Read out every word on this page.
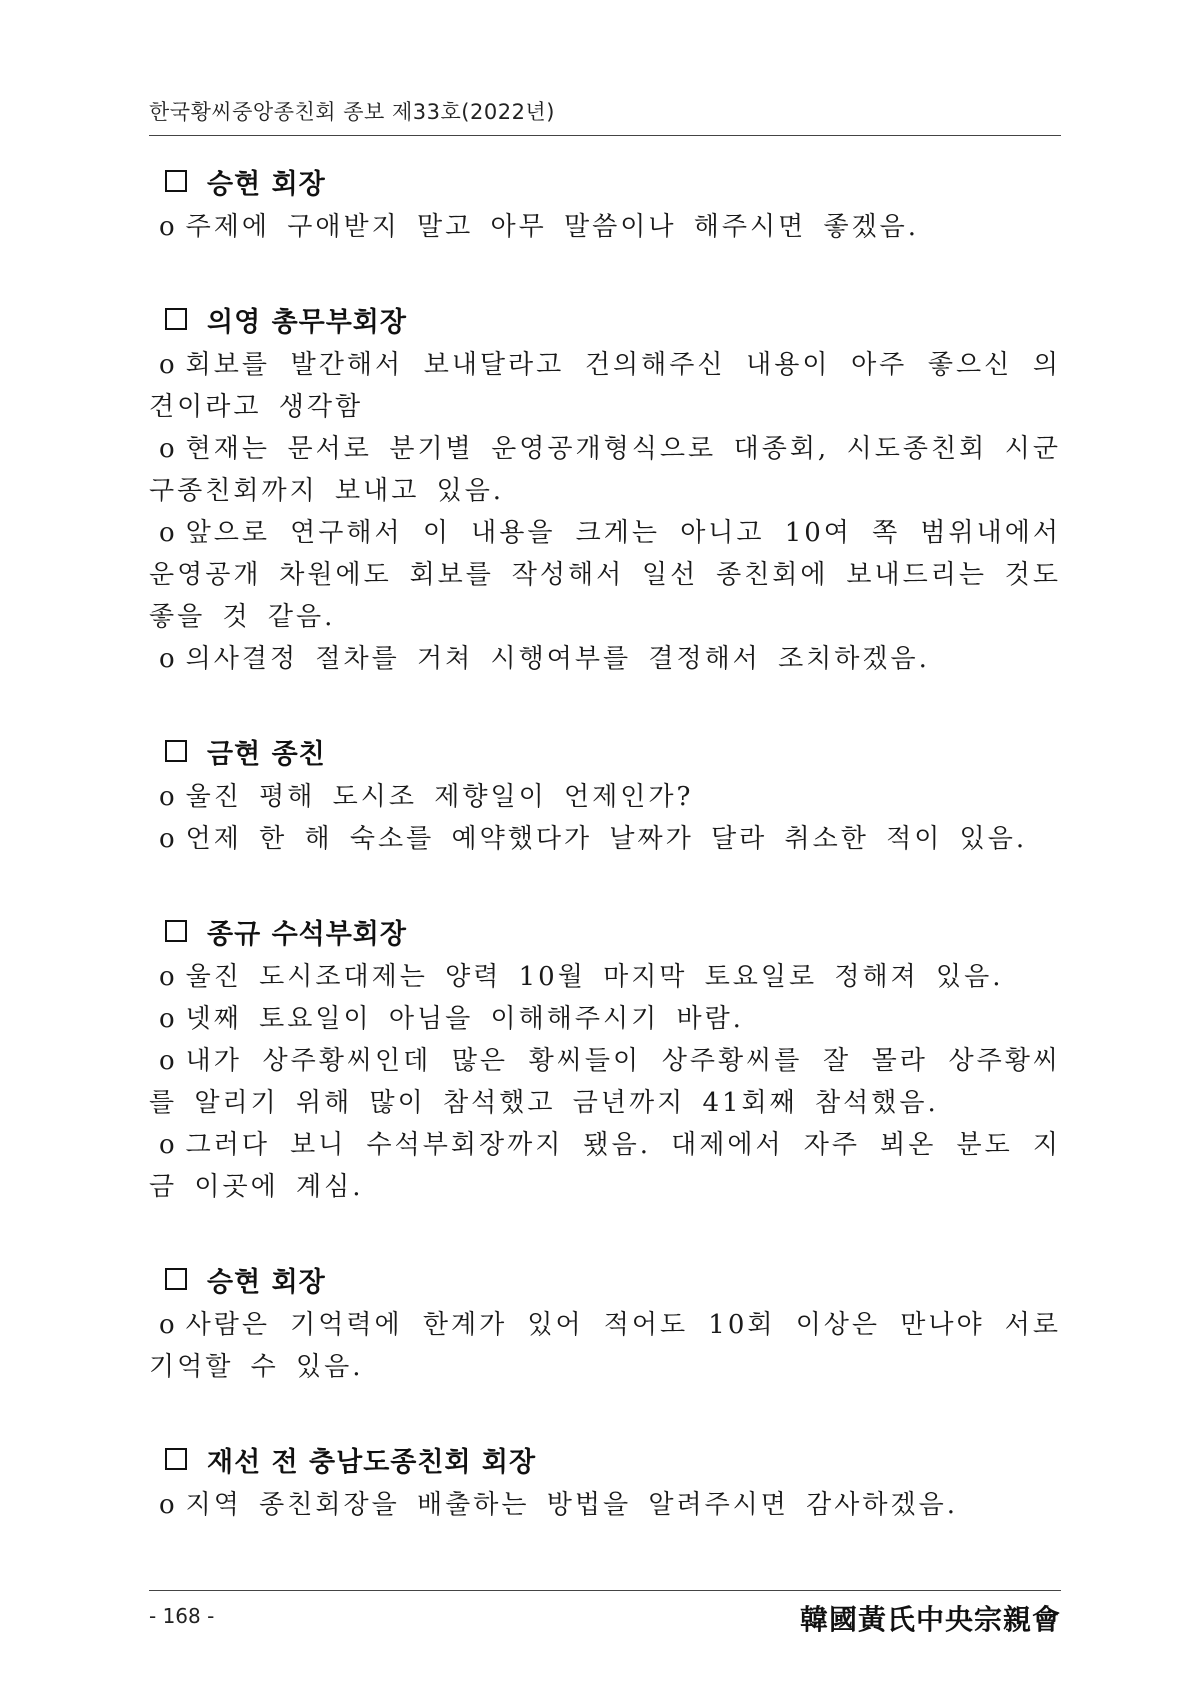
한국황씨중앙종친회 종보 제33호(2022년)
승현 회장
o 주제에 구애받지 말고 아무 말씀이나 해주시면 좋겠음.
의영 총무부회장
o 회보를 발간해서 보내달라고 건의해주신 내용이 아주 좋으신 의견이라고 생각함
o 현재는 문서로 분기별 운영공개형식으로 대종회, 시도종친회 시군구종친회까지 보내고 있음.
o 앞으로 연구해서 이 내용을 크게는 아니고 10여 쪽 범위내에서 운영공개 차원에도 회보를 작성해서 일선 종친회에 보내드리는 것도 좋을 것 같음.
o 의사결정 절차를 거쳐 시행여부를 결정해서 조치하겠음.
금현 종친
o 울진 평해 도시조 제향일이 언제인가?
o 언제 한 해 숙소를 예약했다가 날짜가 달라 취소한 적이 있음.
종규 수석부회장
o 울진 도시조대제는 양력 10월 마지막 토요일로 정해져 있음.
o 넷째 토요일이 아님을 이해해주시기 바람.
o 내가 상주황씨인데 많은 황씨들이 상주황씨를 잘 몰라 상주황씨를 알리기 위해 많이 참석했고 금년까지 41회째 참석했음.
o 그러다 보니 수석부회장까지 됐음. 대제에서 자주 뵈온 분도 지금 이곳에 계심.
승현 회장
o 사람은 기억력에 한계가 있어 적어도 10회 이상은 만나야 서로 기억할 수 있음.
재선 전 충남도종친회 회장
o 지역 종친회장을 배출하는 방법을 알려주시면 감사하겠음.
- 168 -	韓國黃氏中央宗親會
